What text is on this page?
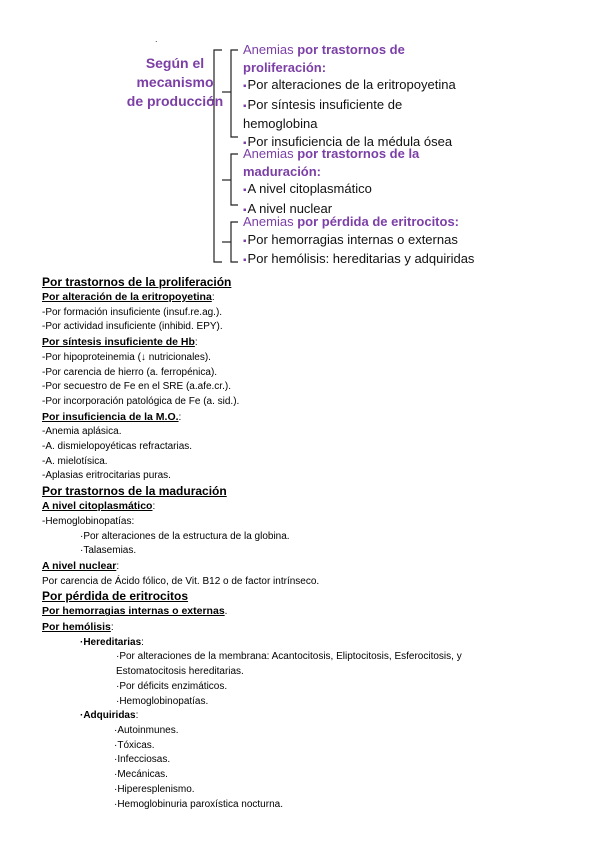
.
Según el
mecanismo
de producción
Anemias por trastornos de
proliferación:
▪ Por alteraciones de la eritropoyetina
▪ Por síntesis insuficiente de
hemoglobina
▪ Por insuficiencia de la médula ósea
Anemias por trastornos de la
maduración:
▪ A nivel citoplasmático
▪ A nivel nuclear
Anemias por pérdida de eritrocitos:
▪ Por hemorragias internas o externas
▪ Por hemólisis: hereditarias y adquiridas
Por trastornos de la proliferación
Por alteración de la eritropoyetina:
-Por formación insuficiente (insuf.re.ag.).
-Por actividad insuficiente (inhibid. EPY).
Por síntesis insuficiente de Hb:
-Por hipoproteinemia (↓ nutricionales).
-Por carencia de hierro (a. ferropénica).
-Por secuestro de Fe en el SRE (a.afe.cr.).
-Por incorporación patológica de Fe (a. sid.).
Por insuficiencia de la M.O.:
-Anemia aplásica.
-A. dismielopoyéticas refractarias.
-A. mielotísica.
-Aplasias eritrocitarias puras.
Por trastornos de la maduración
A nivel citoplasmático:
-Hemoglobinopatías:
·Por alteraciones de la estructura de la globina.
·Talasemias.
A nivel nuclear:
Por carencia de Ácido fólico, de Vit. B12 o de factor intrínseco.
Por pérdida de eritrocitos
Por hemorragias internas o externas.
Por hemólisis:
·Hereditarias:
·Por alteraciones de la membrana: Acantocitosis, Eliptocitosis, Esferocitosis, y
Estomatocitosis hereditarias.
·Por déficits enzimáticos.
·Hemoglobinopatías.
·Adquiridas:
·Autoinmunes.
·Tóxicas.
·Infecciosas.
·Mecánicas.
·Hiperesplenismo.
·Hemoglobinuria paroxística nocturna.
